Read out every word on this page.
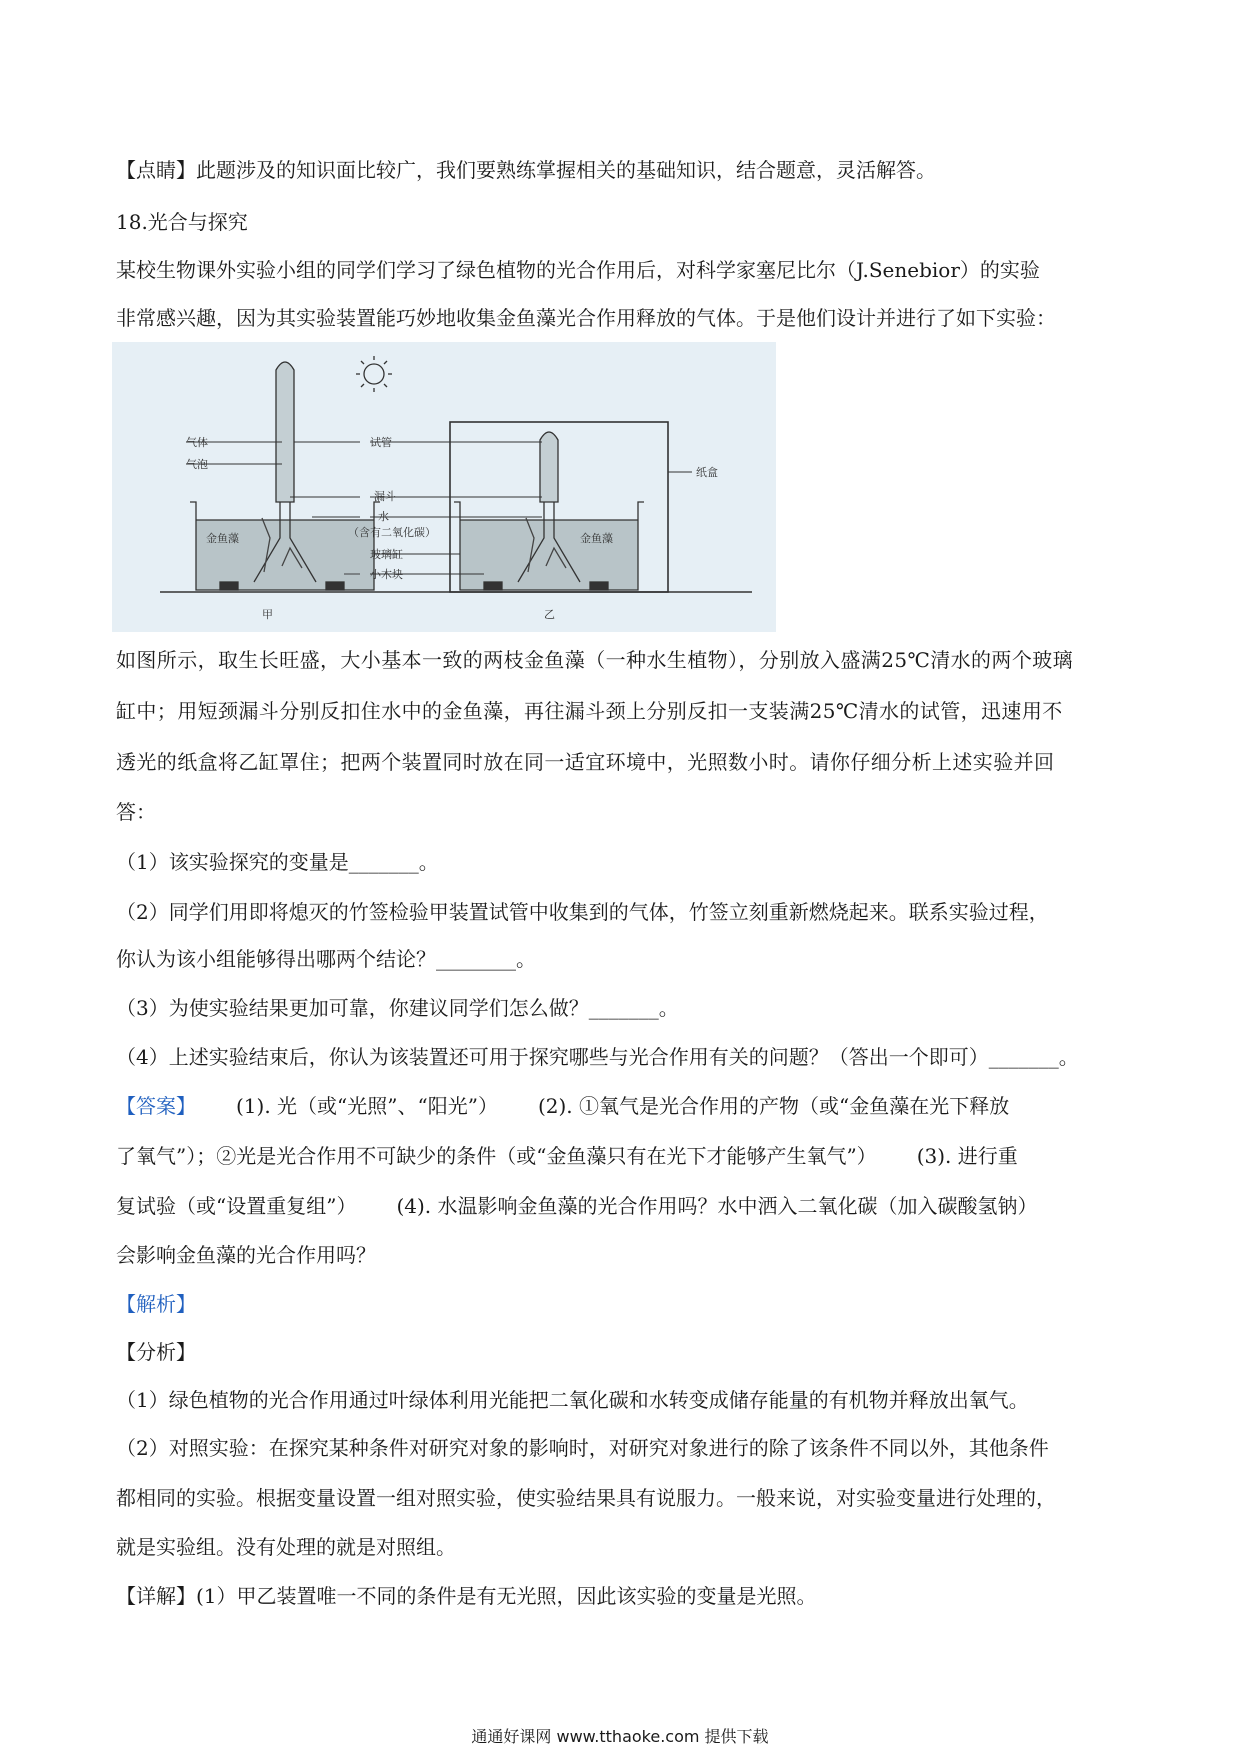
【点睛】此题涉及的知识面比较广，我们要熟练掌握相关的基础知识，结合题意，灵活解答。
18.光合与探究
某校生物课外实验小组的同学们学习了绿色植物的光合作用后，对科学家塞尼比尔（J.Senebior）的实验
非常感兴趣，因为其实验装置能巧妙地收集金鱼藻光合作用释放的气体。于是他们设计并进行了如下实验：
气体
气泡
金鱼藻
试管
漏斗
水
（含有二氧化碳）
玻璃缸
小木块
纸盒
金鱼藻
甲	乙
如图所示，取生长旺盛，大小基本一致的两枝金鱼藻（一种水生植物），分别放入盛满25℃清水的两个玻璃
缸中；用短颈漏斗分别反扣住水中的金鱼藻，再往漏斗颈上分别反扣一支装满25℃清水的试管，迅速用不
透光的纸盒将乙缸罩住；把两个装置同时放在同一适宜环境中，光照数小时。请你仔细分析上述实验并回
答：
（1）该实验探究的变量是_______。
（2）同学们用即将熄灭的竹签检验甲装置试管中收集到的气体，竹签立刻重新燃烧起来。联系实验过程，
你认为该小组能够得出哪两个结论？________。
（3）为使实验结果更加可靠，你建议同学们怎么做？_______。
（4）上述实验结束后，你认为该装置还可用于探究哪些与光合作用有关的问题？（答出一个即可）_______。
【答案】 (1). 光（或“光照”、“阳光”） (2). ①氧气是光合作用的产物（或“金鱼藻在光下释放
了氧气”）；②光是光合作用不可缺少的条件（或“金鱼藻只有在光下才能够产生氧气”） (3). 进行重
复试验（或“设置重复组”） (4). 水温影响金鱼藻的光合作用吗？水中洒入二氧化碳（加入碳酸氢钠）
会影响金鱼藻的光合作用吗？
【解析】
【分析】
（1）绿色植物的光合作用通过叶绿体利用光能把二氧化碳和水转变成储存能量的有机物并释放出氧气。
（2）对照实验：在探究某种条件对研究对象的影响时，对研究对象进行的除了该条件不同以外，其他条件
都相同的实验。根据变量设置一组对照实验，使实验结果具有说服力。一般来说，对实验变量进行处理的，
就是实验组。没有处理的就是对照组。
【详解】(1）甲乙装置唯一不同的条件是有无光照，因此该实验的变量是光照。
通通好课网 www.tthaoke.com 提供下载
